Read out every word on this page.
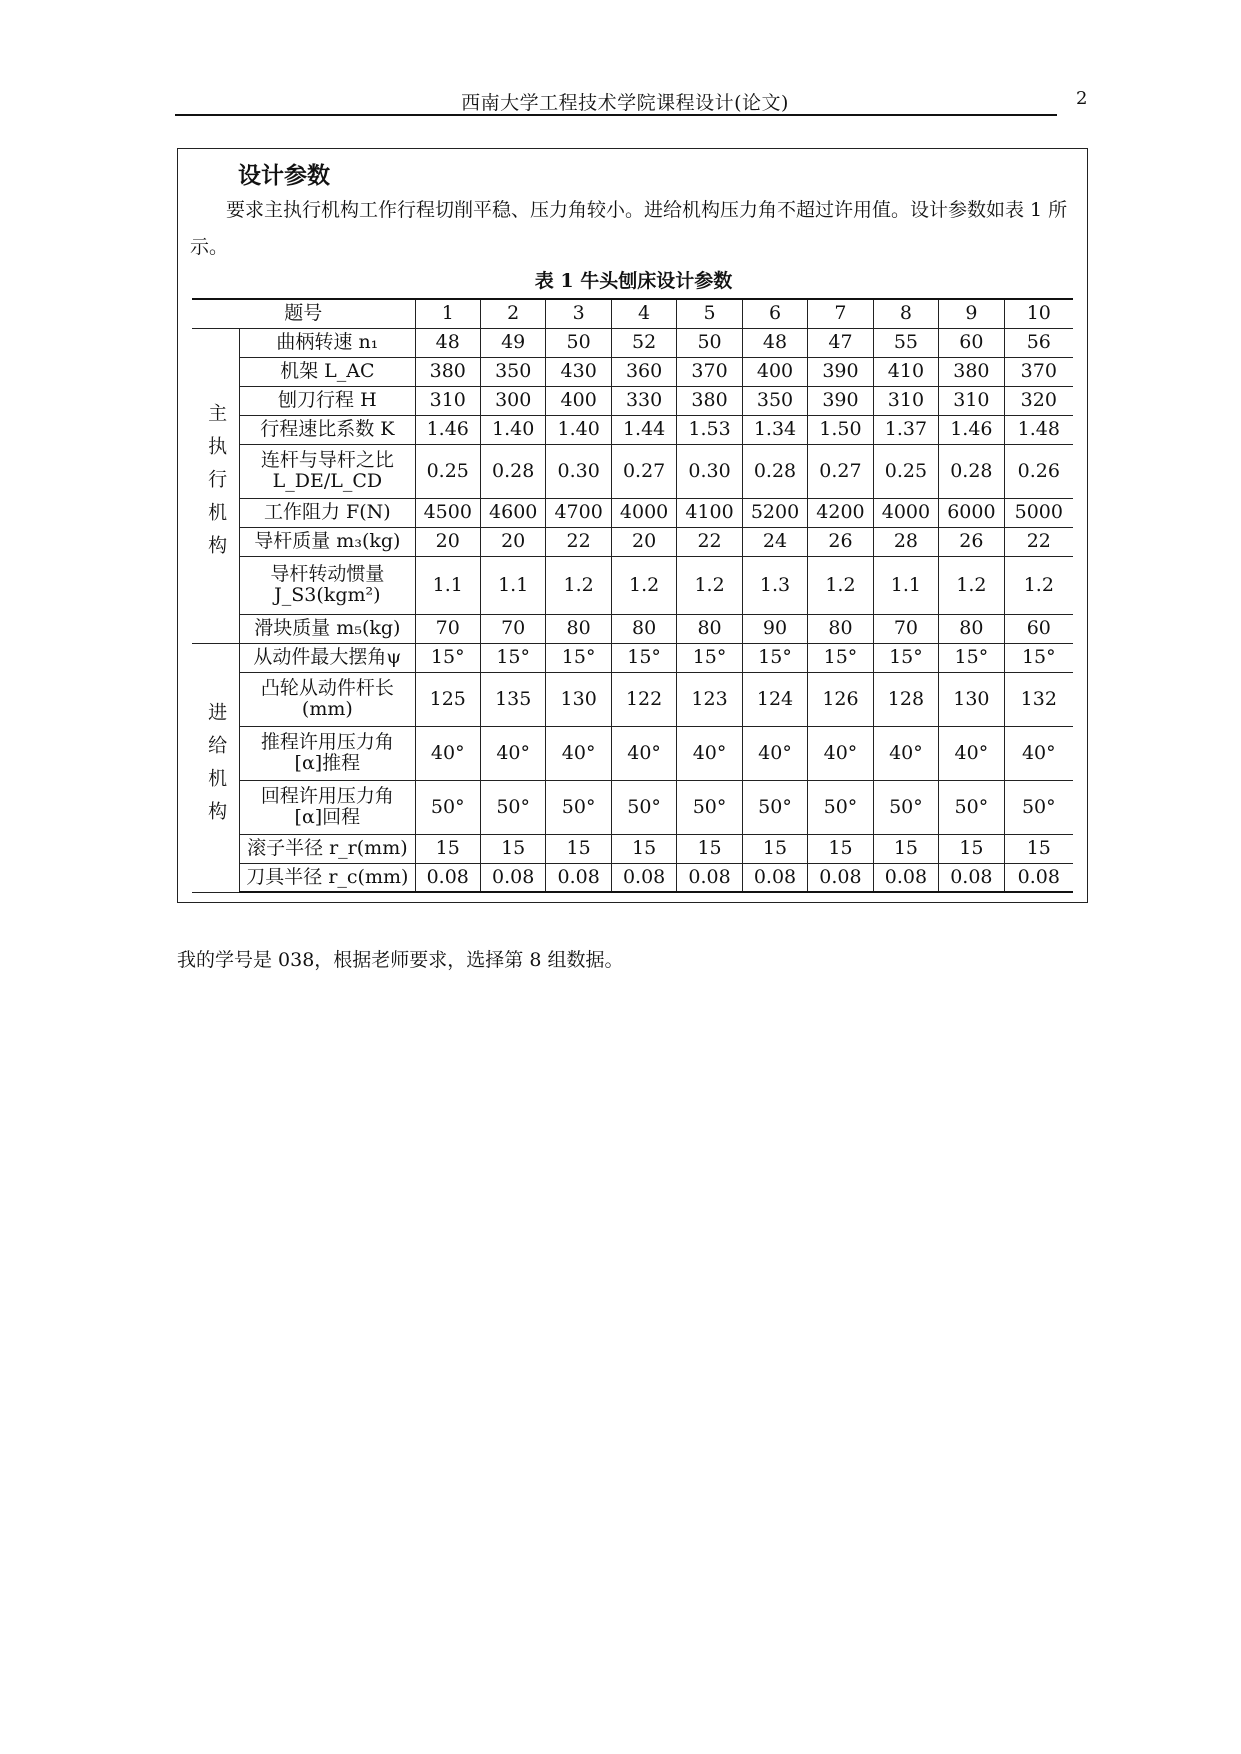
西南大学工程技术学院课程设计(论文)	2
设计参数
要求主执行机构工作行程切削平稳、压力角较小。进给机构压力角不超过许用值。设计参数如表 1 所示。
表 1 牛头刨床设计参数
题号		1	2	3	4	5	6	7	8	9	10
主执行机构	曲柄转速 n₁	48	49	50	52	50	48	47	55	60	56

	机架 L_AC	380	350	430	360	370	400	390	410	380	370

	刨刀行程 H	310	300	400	330	380	350	390	310	310	320

	行程速比系数 K	1.46	1.40	1.40	1.44	1.53	1.34	1.50	1.37	1.46	1.48

	连杆与导杆之比
L_DE/L_CD	0.25	0.28	0.30	0.27	0.30	0.28	0.27	0.25	0.28	0.26

	工作阻力 F(N)	4500	4600	4700	4000	4100	5200	4200	4000	6000	5000

	导杆质量 m₃(kg)	20	20	22	20	22	24	26	28	26	22

	导杆转动惯量
J_S3(kgm²)	1.1	1.1	1.2	1.2	1.2	1.3	1.2	1.1	1.2	1.2

	滑块质量 m₅(kg)	70	70	80	80	80	90	80	70	80	60
进给机构	从动件最大摆角ψ	15°	15°	15°	15°	15°	15°	15°	15°	15°	15°

	凸轮从动件杆长
(mm)	125	135	130	122	123	124	126	128	130	132

	推程许用压力角
[α]推程	40°	40°	40°	40°	40°	40°	40°	40°	40°	40°

	回程许用压力角
[α]回程	50°	50°	50°	50°	50°	50°	50°	50°	50°	50°

	滚子半径 r_r(mm)	15	15	15	15	15	15	15	15	15	15

	刀具半径 r_c(mm)	0.08	0.08	0.08	0.08	0.08	0.08	0.08	0.08	0.08	0.08
我的学号是 038，根据老师要求，选择第 8 组数据。
